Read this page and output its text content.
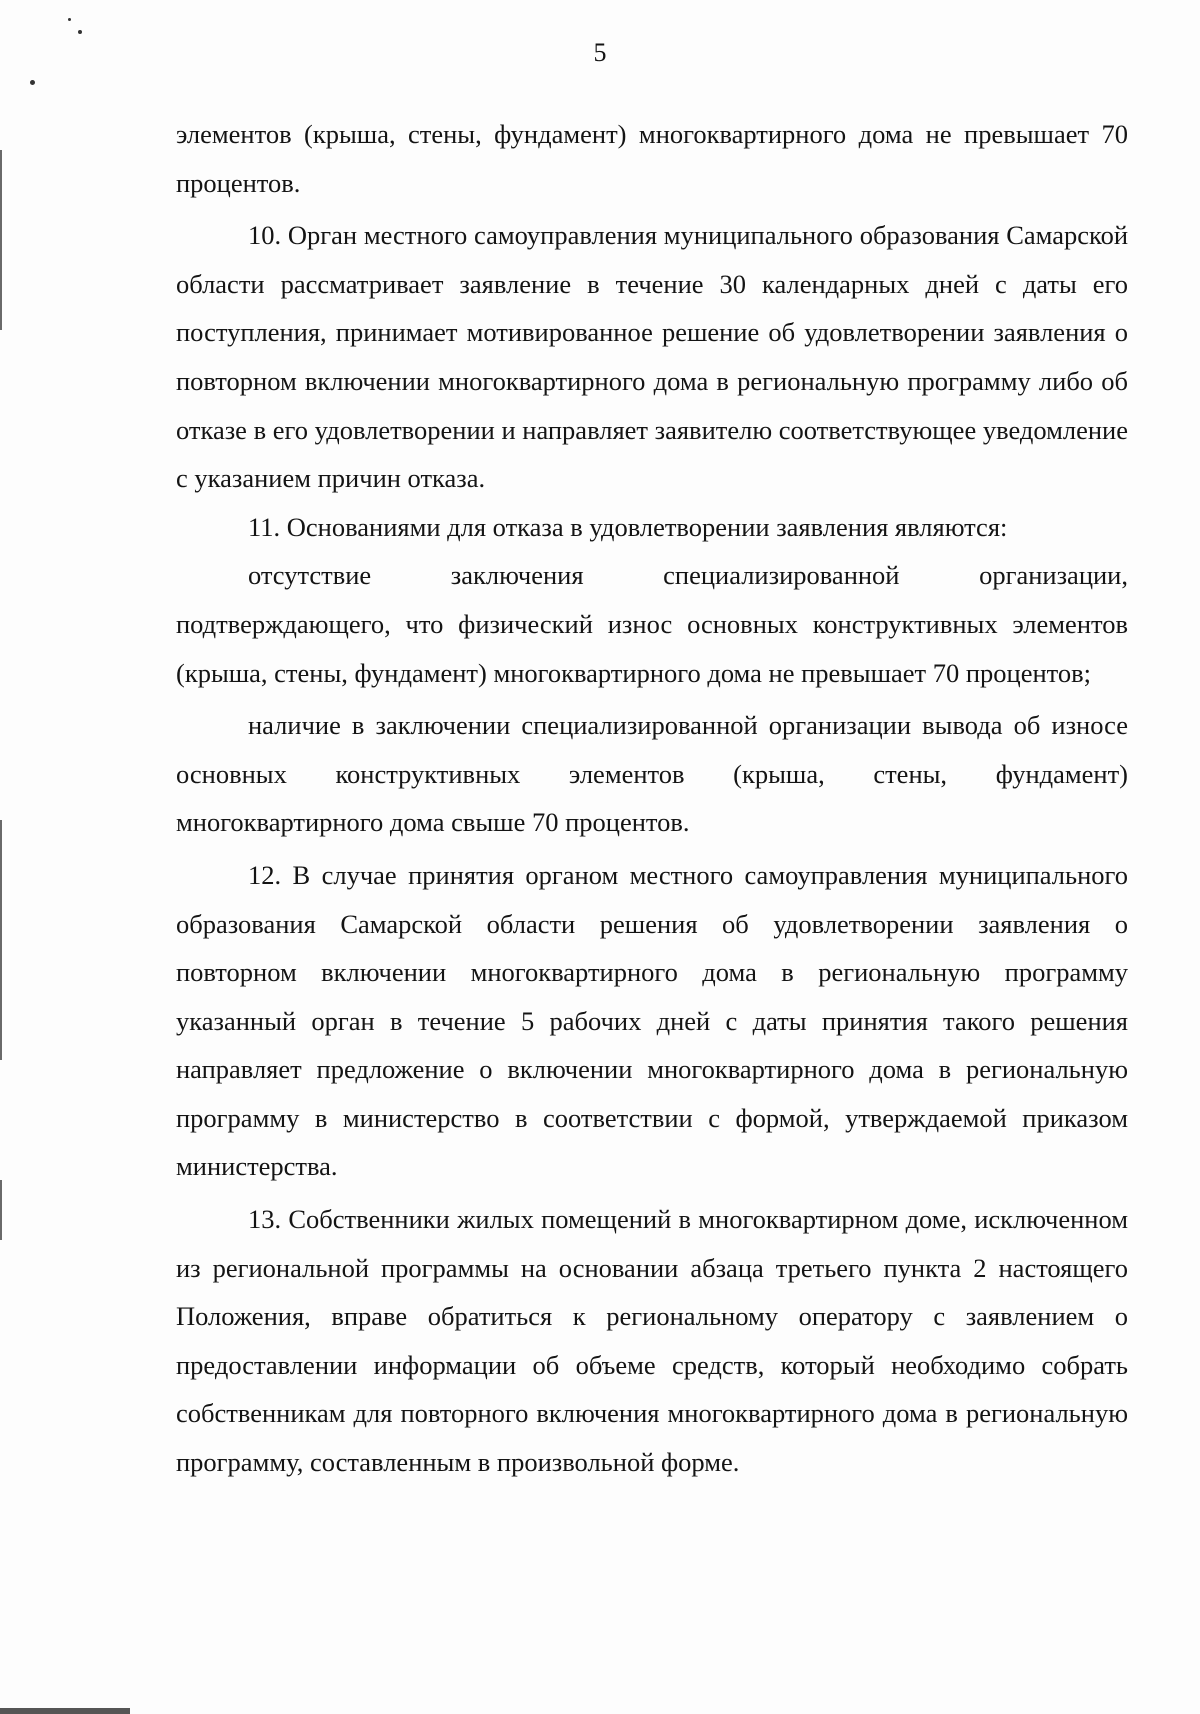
5

элементов (крыша, стены, фундамент) многоквартирного дома не превышает 70 процентов.

10. Орган местного самоуправления муниципального образования Самарской области рассматривает заявление в течение 30 календарных дней с даты его поступления, принимает мотивированное решение об удовлетворении заявления о повторном включении многоквартирного дома в региональную программу либо об отказе в его удовлетворении и направляет заявителю соответствующее уведомление с указанием причин отказа.

11. Основаниями для отказа в удовлетворении заявления являются:

отсутствие заключения специализированной организации, подтверждающего, что физический износ основных конструктивных элементов (крыша, стены, фундамент) многоквартирного дома не превышает 70 процентов;

наличие в заключении специализированной организации вывода об износе основных конструктивных элементов (крыша, стены, фундамент) многоквартирного дома свыше 70 процентов.

12. В случае принятия органом местного самоуправления муниципального образования Самарской области решения об удовлетворении заявления о повторном включении многоквартирного дома в региональную программу указанный орган в течение 5 рабочих дней с даты принятия такого решения направляет предложение о включении многоквартирного дома в региональную программу в министерство в соответствии с формой, утверждаемой приказом министерства.

13. Собственники жилых помещений в многоквартирном доме, исключенном из региональной программы на основании абзаца третьего пункта 2 настоящего Положения, вправе обратиться к региональному оператору с заявлением о предоставлении информации об объеме средств, который необходимо собрать собственникам для повторного включения многоквартирного дома в региональную программу, составленным в произвольной форме.
